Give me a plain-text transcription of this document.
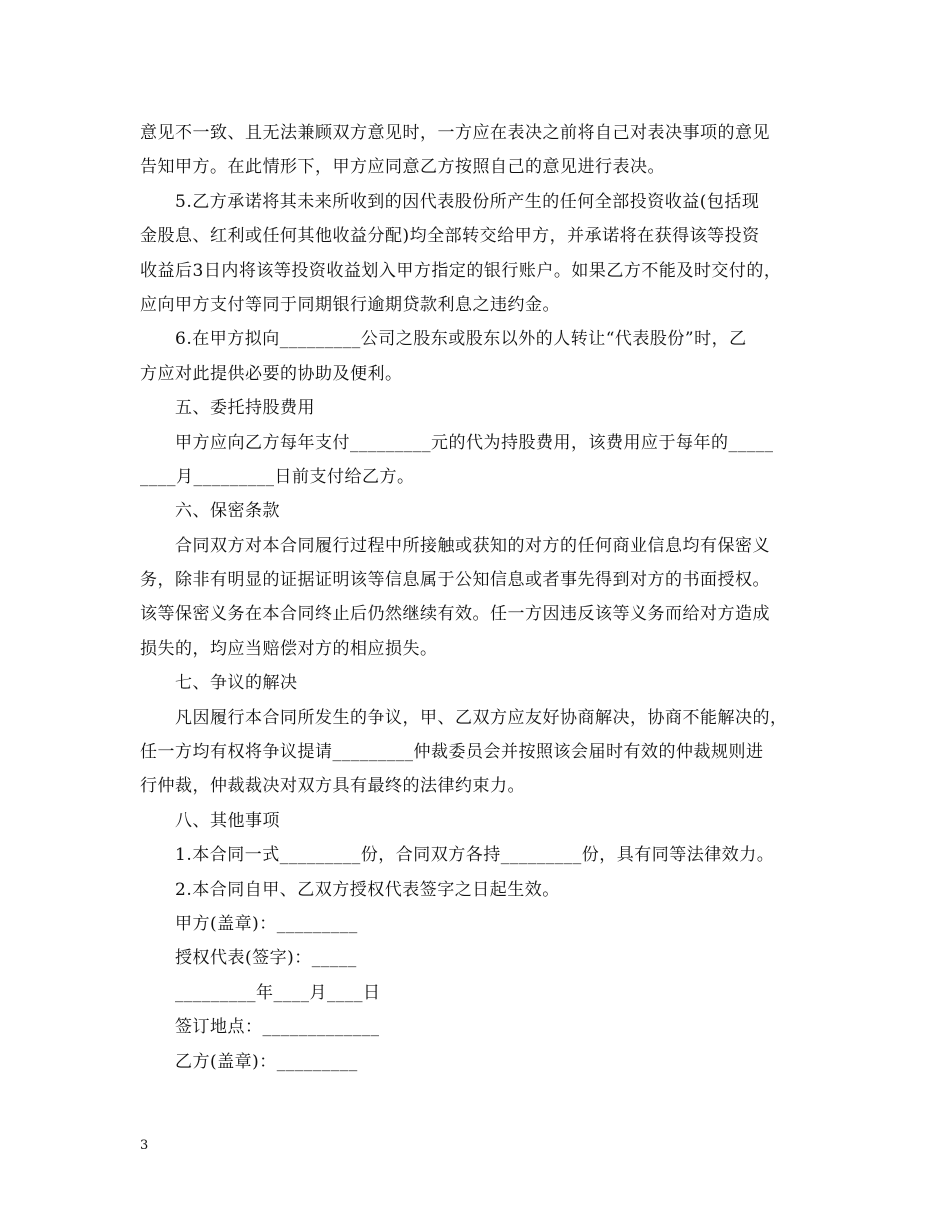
意见不一致、且无法兼顾双方意见时，一方应在表决之前将自己对表决事项的意见
告知甲方。在此情形下，甲方应同意乙方按照自己的意见进行表决。
　　5.乙方承诺将其未来所收到的因代表股份所产生的任何全部投资收益(包括现
金股息、红利或任何其他收益分配)均全部转交给甲方，并承诺将在获得该等投资
收益后3日内将该等投资收益划入甲方指定的银行账户。如果乙方不能及时交付的，
应向甲方支付等同于同期银行逾期贷款利息之违约金。
　　6.在甲方拟向_________公司之股东或股东以外的人转让“代表股份”时，乙
方应对此提供必要的协助及便利。
　　五、委托持股费用
　　甲方应向乙方每年支付_________元的代为持股费用，该费用应于每年的_____
____月_________日前支付给乙方。
　　六、保密条款
　　合同双方对本合同履行过程中所接触或获知的对方的任何商业信息均有保密义
务，除非有明显的证据证明该等信息属于公知信息或者事先得到对方的书面授权。
该等保密义务在本合同终止后仍然继续有效。任一方因违反该等义务而给对方造成
损失的，均应当赔偿对方的相应损失。
　　七、争议的解决
　　凡因履行本合同所发生的争议，甲、乙双方应友好协商解决，协商不能解决的，
任一方均有权将争议提请_________仲裁委员会并按照该会届时有效的仲裁规则进
行仲裁，仲裁裁决对双方具有最终的法律约束力。
　　八、其他事项
　　1.本合同一式_________份，合同双方各持_________份，具有同等法律效力。
　　2.本合同自甲、乙双方授权代表签字之日起生效。
　　甲方(盖章)：_________
　　授权代表(签字)：_____
　　_________年____月____日
　　签订地点：_____________
　　乙方(盖章)：_________
3
